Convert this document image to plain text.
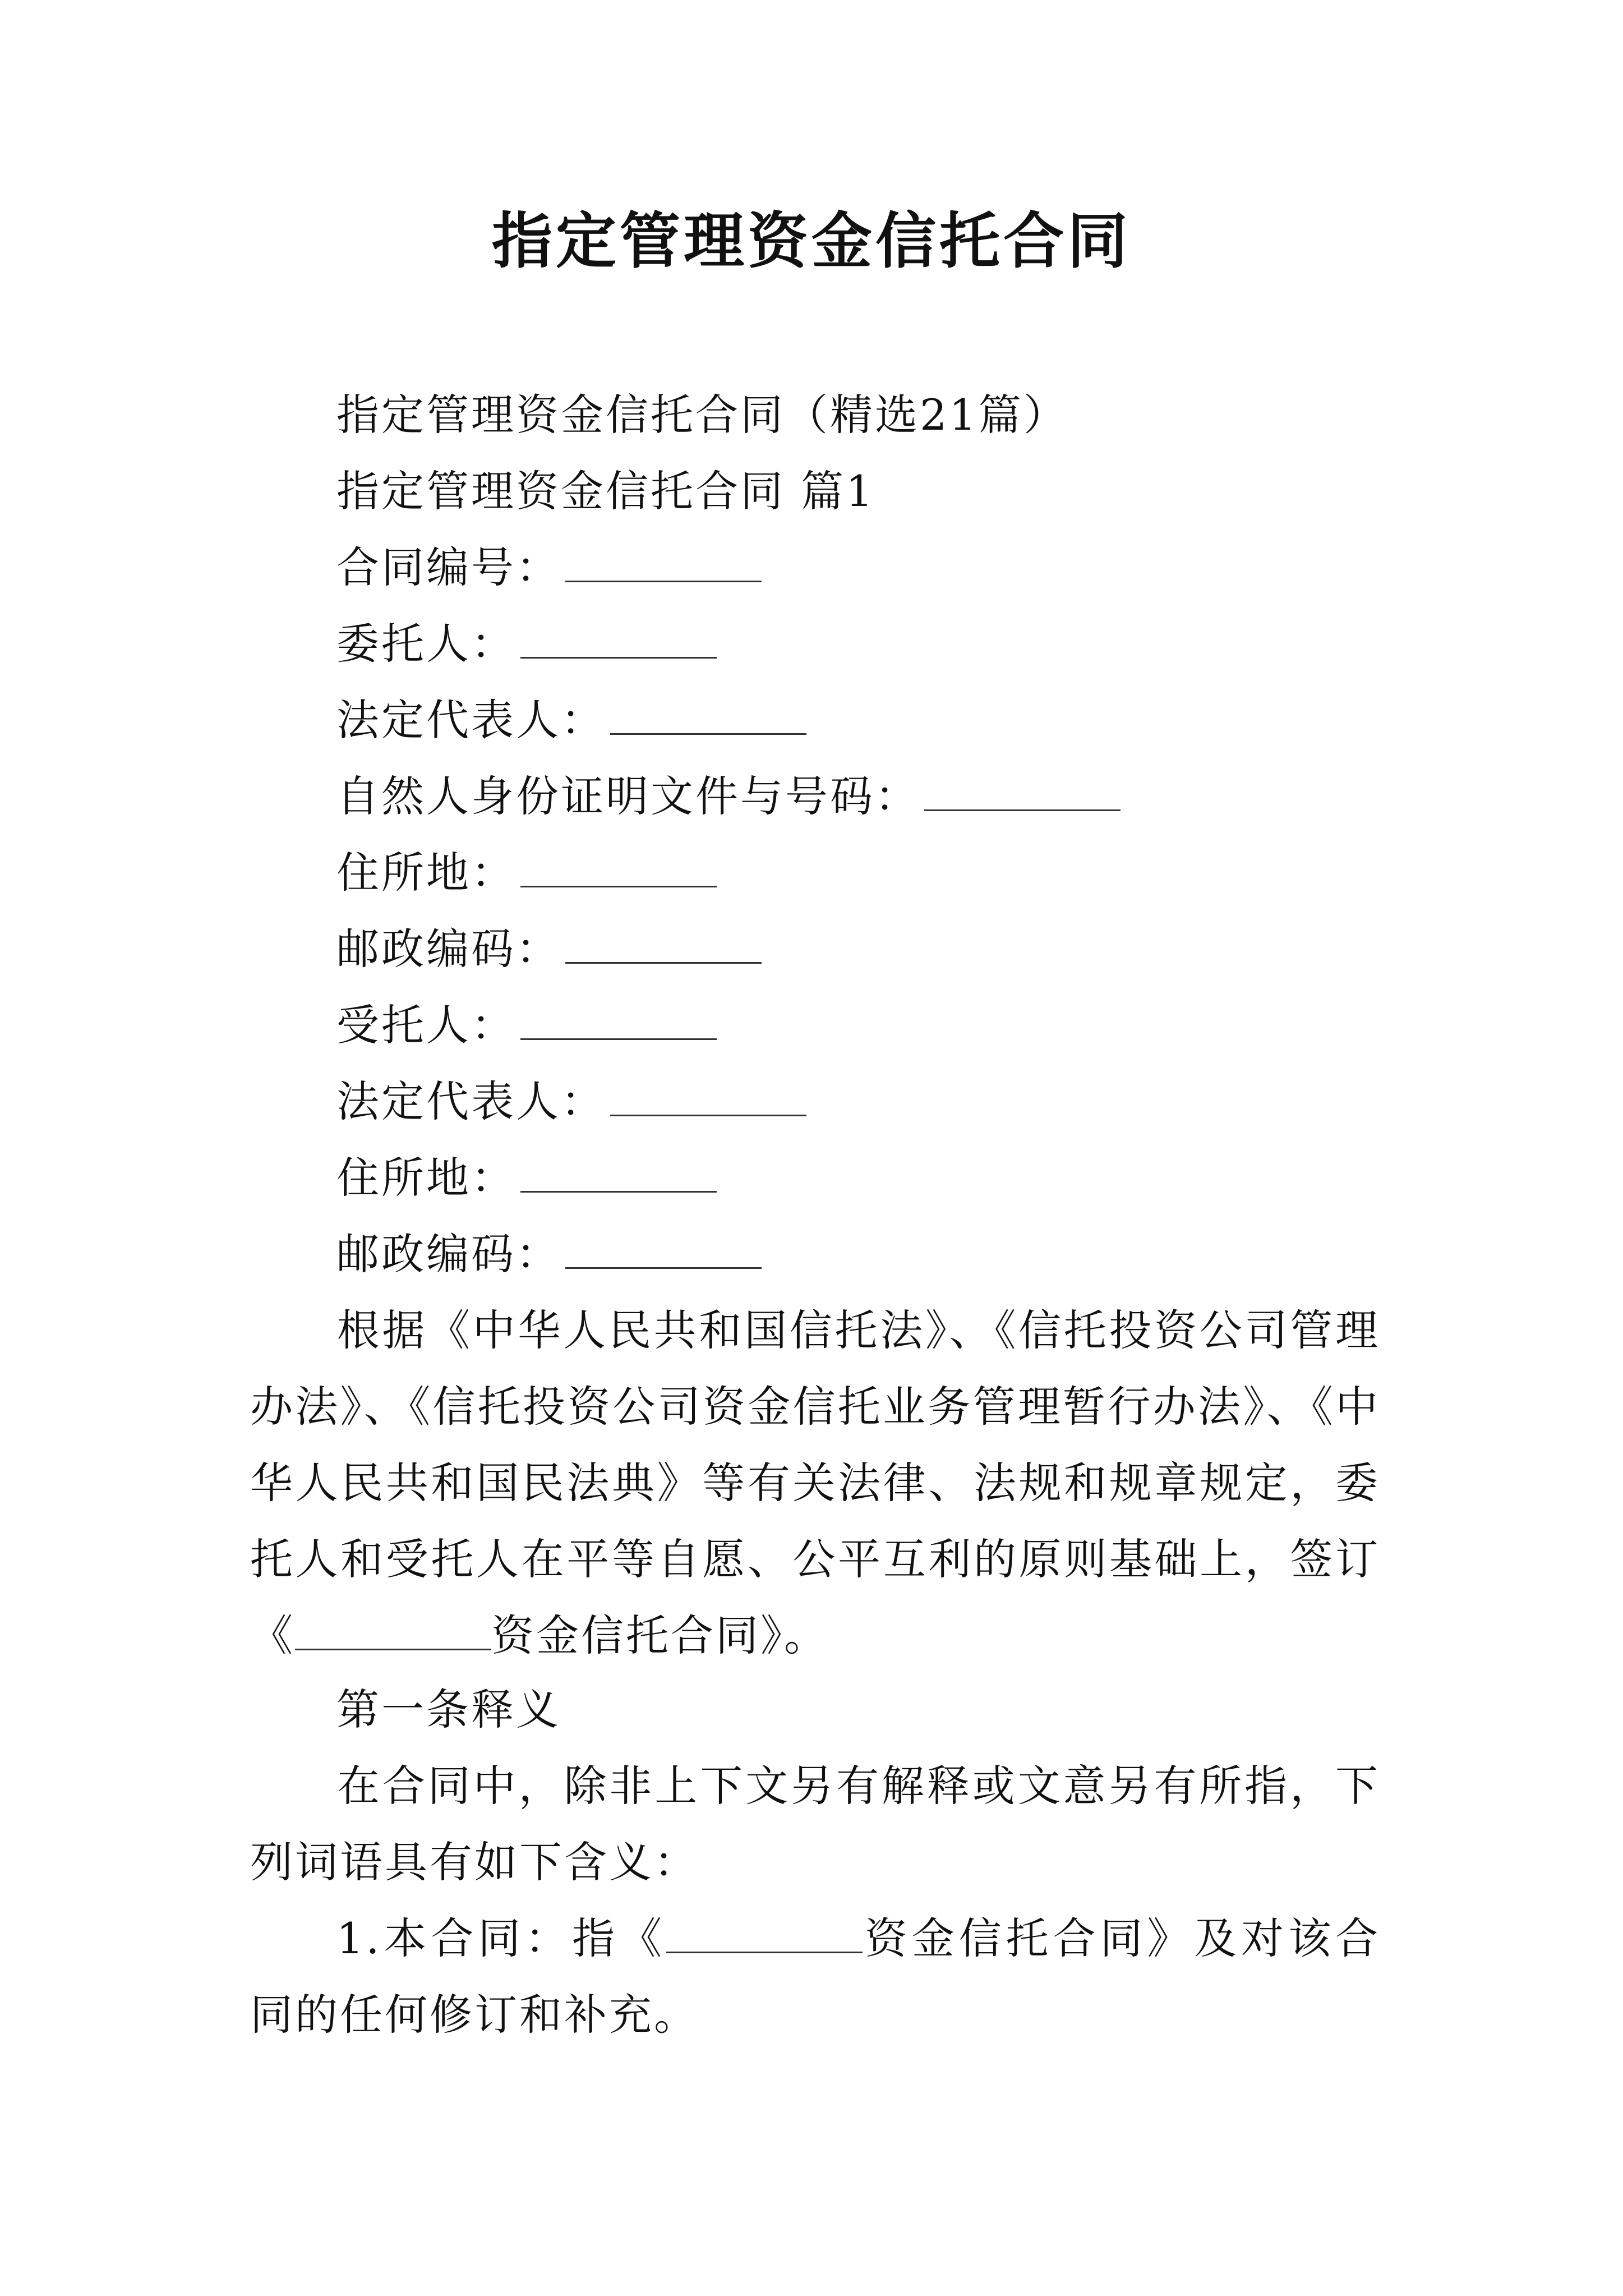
指定管理资金信托合同
指定管理资金信托合同（精选21篇）
指定管理资金信托合同 篇1
合同编号：
委托人：
法定代表人：
自然人身份证明文件与号码：
住所地：
邮政编码：
受托人：
法定代表人：
住所地：
邮政编码：
根据《中华人民共和国信托法》、《信托投资公司管理办法》、《信托投资公司资金信托业务管理暂行办法》、《中华人民共和国民法典》等有关法律、法规和规章规定，委托人和受托人在平等自愿、公平互利的原则基础上，签订《	资金信托合同》。
第一条释义
在合同中，除非上下文另有解释或文意另有所指，下列词语具有如下含义：
1.本合同：指《	资金信托合同》及对该合同的任何修订和补充。
